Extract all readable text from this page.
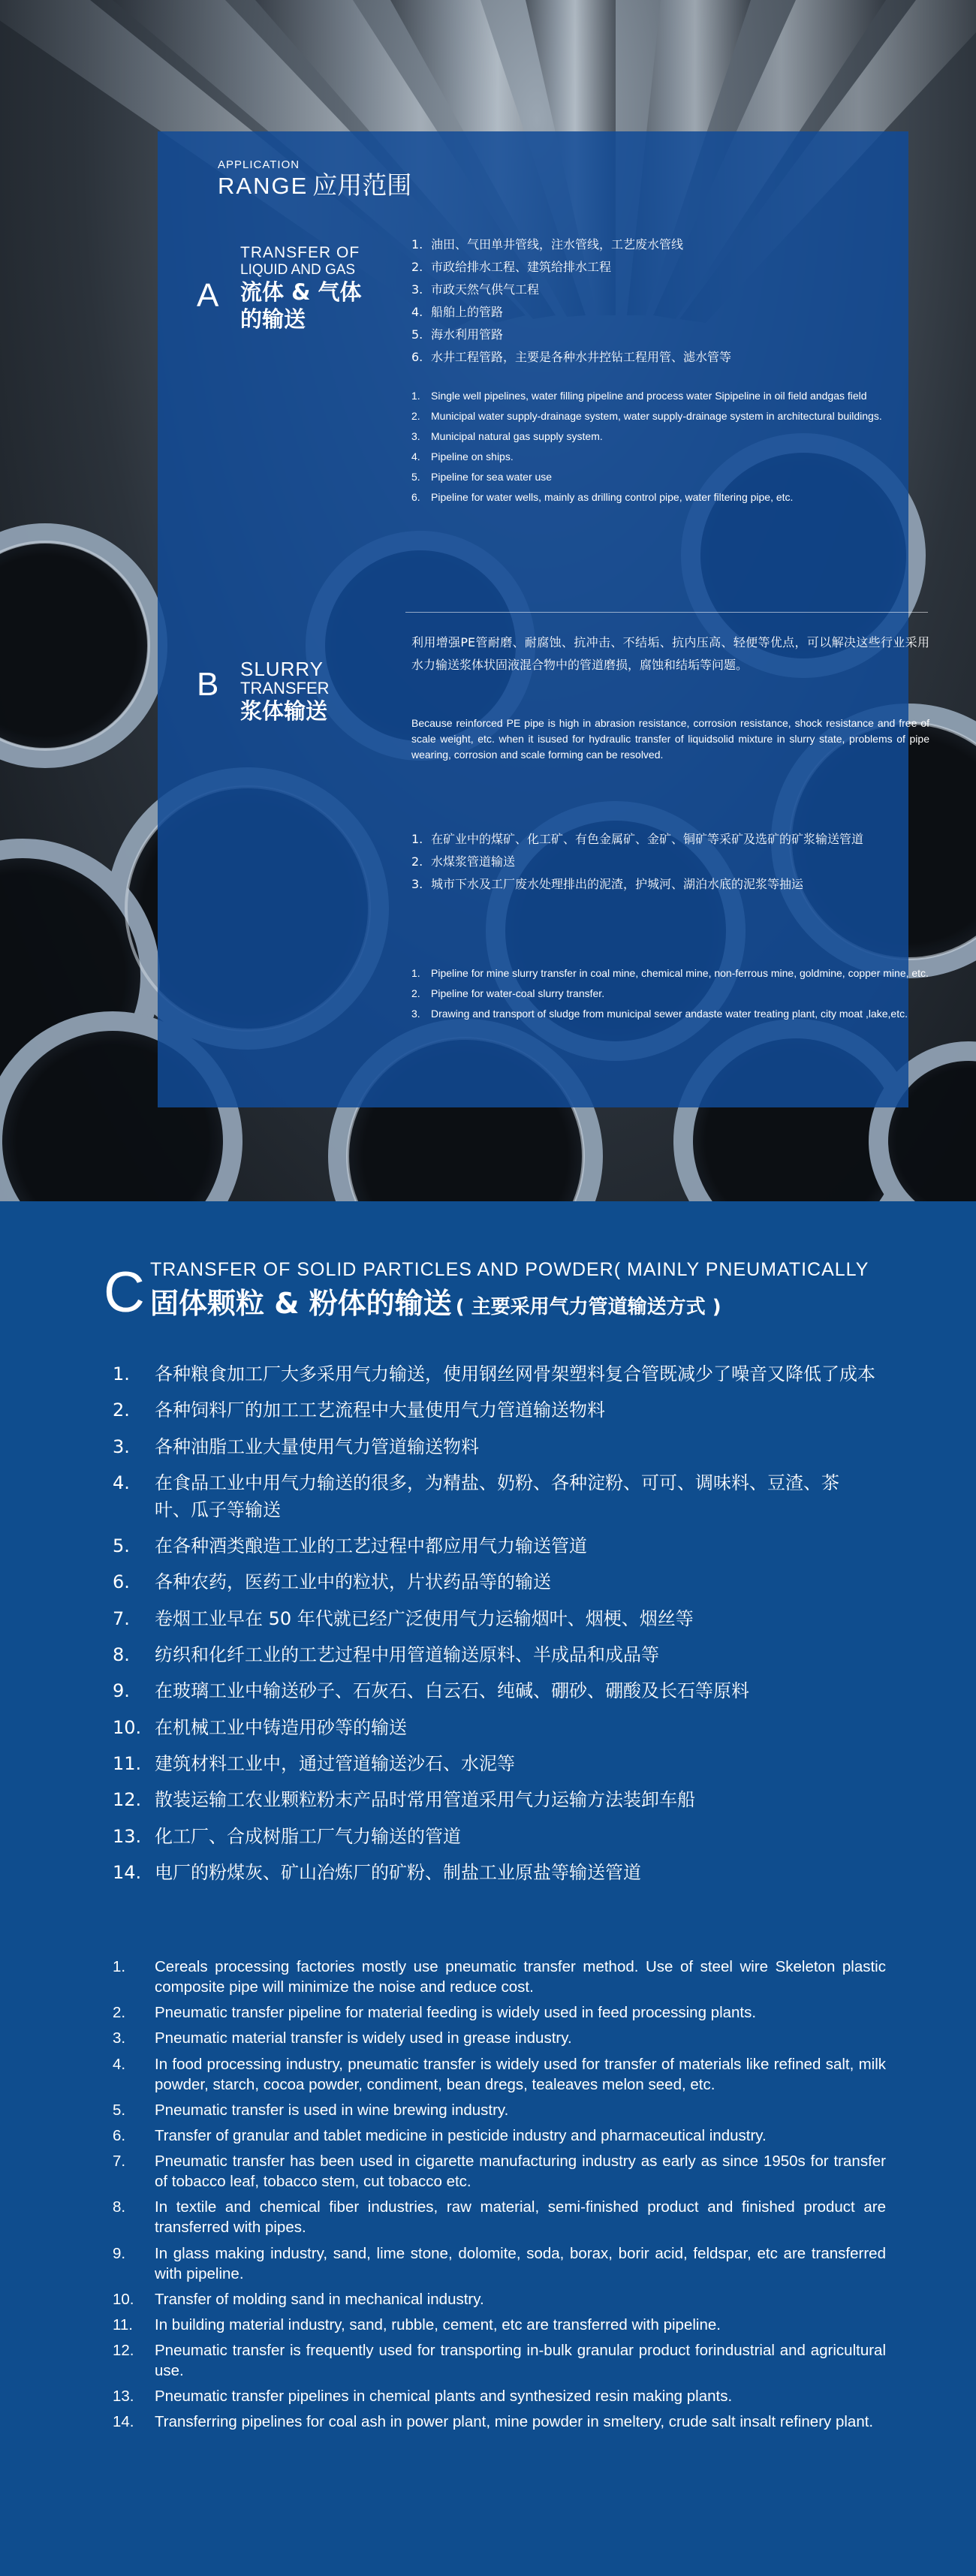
APPLICATION
RANGE 应用范围
A
TRANSFER OF
LIQUID AND GAS
流体 & 气体
的输送
1. 油田、气田单井管线，注水管线，工艺废水管线
2. 市政给排水工程、建筑给排水工程
3. 市政天然气供气工程
4. 船舶上的管路
5. 海水利用管路
6. 水井工程管路，主要是各种水井控钻工程用管、滤水管等
1.	Single well pipelines, water filling pipeline and process water Sipipeline in oil field andgas field
2.	Municipal water supply-drainage system, water supply-drainage system in architectural buildings.
3.	Municipal natural gas supply system.
4.	Pipeline on ships.
5.	Pipeline for sea water use
6.	Pipeline for water wells, mainly as drilling control pipe, water filtering pipe, etc.
B SLURRY
TRANSFER
浆体输送
利用增强PE管耐磨、耐腐蚀、抗冲击、不结垢、抗内压高、轻便等优点，可以解决这些行业采用水力输送浆体状固液混合物中的管道磨损，腐蚀和结垢等问题。
Because reinforced PE pipe is high in abrasion resistance, corrosion resistance, shock resistance and free of scale weight, etc. when it isused for hydraulic transfer of liquidsolid mixture in slurry state, problems of pipe wearing, corrosion and scale forming can be resolved.
1. 在矿业中的煤矿、化工矿、有色金属矿、金矿、铜矿等采矿及选矿的矿浆输送管道
2. 水煤浆管道输送
3. 城市下水及工厂废水处理排出的泥渣，护城河、湖泊水底的泥浆等抽运
1.	Pipeline for mine slurry transfer in coal mine, chemical mine, non-ferrous mine, goldmine, copper mine, etc.
2.	Pipeline for water-coal slurry transfer.
3.	Drawing and transport of sludge from municipal sewer andaste water treating plant, city moat ,lake,etc.
C TRANSFER OF SOLID PARTICLES AND POWDER( MAINLY PNEUMATICALLY
固体颗粒 & 粉体的输送 ( 主要采用气力管道输送方式 )
1.	各种粮食加工厂大多采用气力输送，使用钢丝网骨架塑料复合管既减少了噪音又降低了成本
2.	各种饲料厂的加工工艺流程中大量使用气力管道输送物料
3.	各种油脂工业大量使用气力管道输送物料
4.	在食品工业中用气力输送的很多，为精盐、奶粉、各种淀粉、可可、调味料、豆渣、茶 叶、瓜子等输送
5.	在各种酒类酿造工业的工艺过程中都应用气力输送管道
6.	各种农药，医药工业中的粒状，片状药品等的输送
7.	卷烟工业早在 50 年代就已经广泛使用气力运输烟叶、烟梗、烟丝等
8.	纺织和化纤工业的工艺过程中用管道输送原料、半成品和成品等
9.	在玻璃工业中输送砂子、石灰石、白云石、纯碱、硼砂、硼酸及长石等原料
10. 在机械工业中铸造用砂等的输送
11. 建筑材料工业中，通过管道输送沙石、水泥等
12. 散装运输工农业颗粒粉末产品时常用管道采用气力运输方法装卸车船
13. 化工厂、合成树脂工厂气力输送的管道
14. 电厂的粉煤灰、矿山冶炼厂的矿粉、制盐工业原盐等输送管道
1.	Cereals processing factories mostly use pneumatic transfer method. Use of steel wire Skeleton plastic composite pipe will minimize the noise and reduce cost.
2.	Pneumatic transfer pipeline for material feeding is widely used in feed processing plants.
3.	Pneumatic material transfer is widely used in grease industry.
4.	In food processing industry, pneumatic transfer is widely used for transfer of materials like refined salt, milk powder, starch, cocoa powder, condiment, bean dregs, tealeaves melon seed, etc.
5.	Pneumatic transfer is used in wine brewing industry.
6.	Transfer of granular and tablet medicine in pesticide industry and pharmaceutical industry.
7.	Pneumatic transfer has been used in cigarette manufacturing industry as early as since 1950s for transfer of tobacco leaf, tobacco stem, cut tobacco etc.
8.	In textile and chemical fiber industries, raw material, semi-finished product and finished product are transferred with pipes.
9.	In glass making industry, sand, lime stone, dolomite, soda, borax, borir acid, feldspar, etc are transferred with pipeline.
10.	Transfer of molding sand in mechanical industry.
11.	In building material industry, sand, rubble, cement, etc are transferred with pipeline.
12.	Pneumatic transfer is frequently used for transporting in-bulk granular product forindustrial and agricultural use.
13.	Pneumatic transfer pipelines in chemical plants and synthesized resin making plants.
14.	Transferring pipelines for coal ash in power plant, mine powder in smeltery, crude salt insalt refinery plant.
